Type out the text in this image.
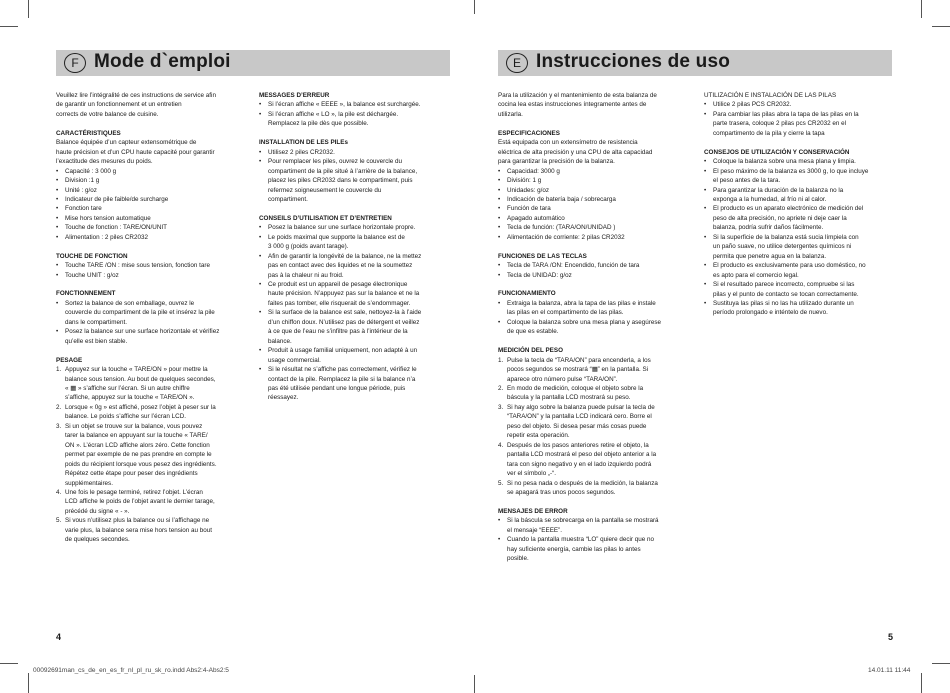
F Mode d`emploi	E Instrucciones de uso

Veuillez lire l’intégralité de ces instructions de service afin
de garantir un fonctionnement et un entretien
corrects de votre balance de cuisine.

CARACTÉRISTIQUES

Balance équipée d’un capteur extensométrique de
haute précision et d’un CPU haute capacité pour garantir
l’exactitude des mesures du poids.

• Capacité : 3 000 g
• Division :1 g
• Unité : g/oz
• Indicateur de pile faible/de surcharge
• Fonction tare
• Mise hors tension automatique
• Touche de fonction : TARE/ON/UNIT
• Alimentation : 2 piles CR2032
TOUCHE DE FONCTION
• Touche TARE /ON : mise sous tension, fonction tare
• Touche UNIT : g/oz
FONCTIONNEMENT
• Sortez la balance de son emballage, ouvrez le
couvercle du compartiment de la pile et insérez la pile
dans le compartiment.
• Posez la balance sur une surface horizontale et vérifiez
qu’elle est bien stable.
PESAGE
1. Appuyez sur la touche « TARE/ON » pour mettre la
balance sous tension. Au bout de quelques secondes,
« ▦ » s’affiche sur l’écran. Si un autre chiffre
s’affiche, appuyez sur la touche « TARE/ON ».
2. Lorsque « 0g » est affiché, posez l’objet à peser sur la
balance. Le poids s’affiche sur l’écran LCD.
3. Si un objet se trouve sur la balance, vous pouvez
tarer la balance en appuyant sur la touche « TARE/
ON ». L’écran LCD affiche alors zéro. Cette fonction
permet par exemple de ne pas prendre en compte le
poids du récipient lorsque vous pesez des ingrédients.
Répétez cette étape pour peser des ingrédients
supplémentaires.
4. Une fois le pesage terminé, retirez l’objet. L’écran
LCD affiche le poids de l’objet avant le dernier tarage,
précédé du signe « - ».
5. Si vous n’utilisez plus la balance ou si l’affichage ne
varie plus, la balance sera mise hors tension au bout
de quelques secondes.
MESSAGES D’ERREUR
• Si l’écran affiche « EEEE », la balance est surchargée.
• Si l’écran affiche « LO », la pile est déchargée.
Remplacez la pile dès que possible.
INSTALLATION DE LES PILEs
• Utilisez 2 piles CR2032.
• Pour remplacer les piles, ouvrez le couvercle du
compartiment de la pile situé à l’arrière de la balance,
placez les piles CR2032 dans le compartiment, puis
refermez soigneusement le couvercle du
compartiment.
CONSEILS D’UTILISATION ET D’ENTRETIEN
• Posez la balance sur une surface horizontale propre.
• Le poids maximal que supporte la balance est de
3 000 g (poids avant tarage).
• Afin de garantir la longévité de la balance, ne la mettez
pas en contact avec des liquides et ne la soumettez
pas à la chaleur ni au froid.
• Ce produit est un appareil de pesage électronique
haute précision. N’appuyez pas sur la balance et ne la
faites pas tomber, elle risquerait de s’endommager.
• Si la surface de la balance est sale, nettoyez-la à l’aide
d’un chiffon doux. N’utilisez pas de détergent et veillez
à ce que de l’eau ne s’infiltre pas à l’intérieur de la
balance.
• Produit à usage familial uniquement, non adapté à un
usage commercial.
• Si le résultat ne s’affiche pas correctement, vérifiez le
contact de la pile. Remplacez la pile si la balance n’a
pas été utilisée pendant une longue période, puis
réessayez.

Para la utilización y el mantenimiento de esta balanza de
cocina lea estas instrucciones íntegramente antes de
utilizarla.

ESPECIFICACIONES

Está equipada con un extensímetro de resistencia
eléctrica de alta precisión y una CPU de alta capacidad
para garantizar la precisión de la balanza.

• Capacidad: 3000 g
• División: 1 g
• Unidades: g/oz
• Indicación de batería baja / sobrecarga
• Función de tara
• Apagado automático
• Tecla de función: (TARA/ON/UNIDAD )
• Alimentación de corriente: 2 pilas CR2032
FUNCIONES DE LAS TECLAS
• Tecla de TARA /ON: Encendido, función de tara
• Tecla de UNIDAD: g/oz
FUNCIONAMIENTO
• Extraiga la balanza, abra la tapa de las pilas e instale
las pilas en el compartimento de las pilas.
• Coloque la balanza sobre una mesa plana y asegúrese
de que es estable.
MEDICIÓN DEL PESO
1. Pulse la tecla de “TARA/ON” para encenderla, a los
pocos segundos se mostrará “▦” en la pantalla. Si
aparece otro número pulse “TARA/ON”.
2. En modo de medición, coloque el objeto sobre la
básculа y la pantalla LCD mostrará su peso.
3. Si hay algo sobre la balanza puede pulsar la tecla de
“TARA/ON” y la pantalla LCD indicará cero. Borre el
peso del objeto. Si desea pesar más cosas puede
repetir esta operación.
4. Después de los pasos anteriores retire el objeto, la
pantalla LCD mostrará el peso del objeto anterior a la
tara con signo negativo y en el lado izquierdo podrá
ver el símbolo „-“.
5. Si no pesa nada o después de la medición, la balanza
se apagará tras unos pocos segundos.
MENSAJES DE ERROR
• Si la báscula se sobrecarga en la pantalla se mostrará
el mensaje “EEEE”.
• Cuando la pantalla muestra “LO” quiere decir que no
hay suficiente energía, cambie las pilas lo antes
posible.
UTILIZACIÓN E INSTALACIÓN DE LAS PILAS
• Utilice 2 pilas PCS CR2032.
• Para cambiar las pilas abra la tapa de las pilas en la
parte trasera, coloque 2 pilas pcs CR2032 en el
compartimento de la pila y cierre la tapa
CONSEJOS DE UTILIZACIÓN Y CONSERVACIÓN
• Coloque la balanza sobre una mesa plana y limpia.
• El peso máximo de la balanza es 3000 g, lo que incluye
el peso antes de la tara.
• Para garantizar la duración de la balanza no la
exponga a la humedad, al frío ni al calor.
• El producto es un aparato electrónico de medición del
peso de alta precisión, no apriete ni deje caer la
balanza, podría sufrir daños fácilmente.
• Si la superficie de la balanza está sucia límpiela con
un paño suave, no utilice detergentes químicos ni
permita que penetre agua en la balanza.
• El producto es exclusivamente para uso doméstico, no
es apto para el comercio legal.
• Si el resultado parece incorrecto, compruebe si las
pilas y el punto de contacto se tocan correctamente.
• Sustituya las pilas si no las ha utilizado durante un
período prolongado e inténtelo de nuevo.
4	5
00092691man_cs_de_en_es_fr_nl_pl_ru_sk_ro.indd Abs2:4-Abs2:5	14.01.11 11:44
